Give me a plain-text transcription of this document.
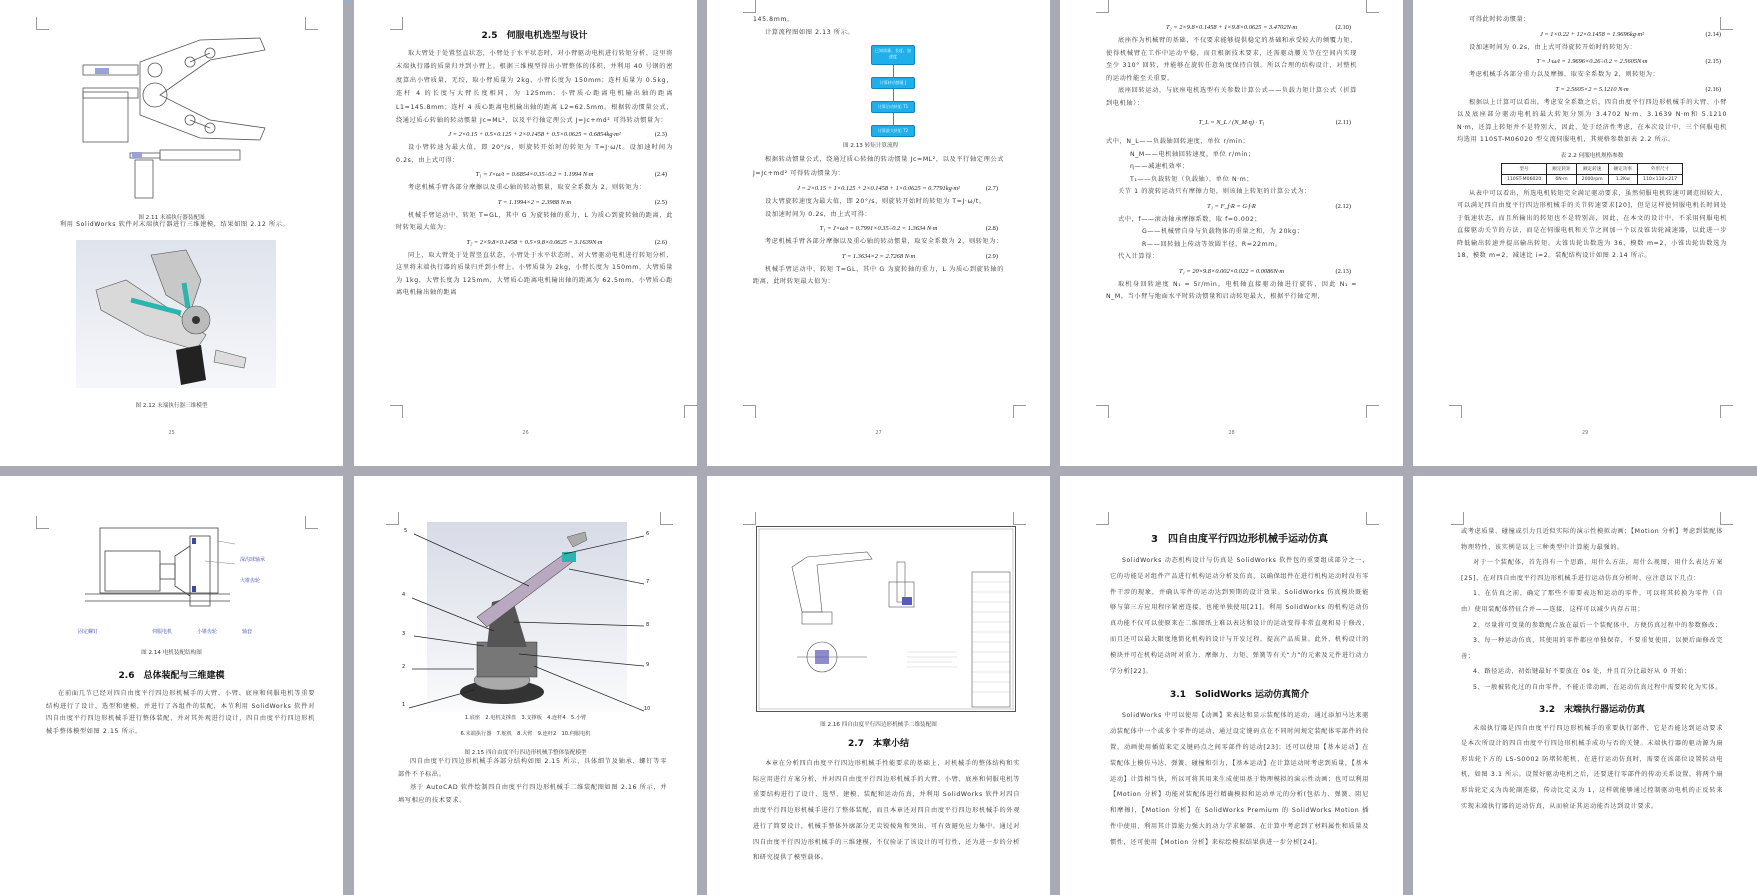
图 2.11 末端执行器装配图

利用 SolidWorks 软件对末端执行器进行三维建模，结果如图 2.12 所示。

图 2.12 末端执行器三维模型
25
2.5　伺服电机选型与设计

取大臂处于处置竖直状态，小臂处于水平状态时，对小臂驱动电机进行转矩分析，这里将末端执行器的质量归并到小臂上。根据三维模型得出小臂整体的体积，并利用 40 号钢的密度算出小臂质量，无绞，取小臂质量为 2kg，小臂长度为 150mm；连杆质量为 0.5kg，连杆 4 的长度与大臂长度相同，为 125mm；小臂质心距离电机输出轴的距离 L1=145.8mm；连杆 4 质心距离电机输出轴的距离 L2=62.5mm。根据转动惯量公式，绕通过质心转轴的转动惯量 Jc=ML²，以及平行轴定理公式 J=Jc+md² 可得转动惯量为：

J = 2×0.15 + 0.5×0.125 + 2×0.1458 + 0.5×0.0625 = 0.6854kg·m²	(2.3)

设小臂转速为最大值，即 20°/s，则旋转开始时的转矩为 T=J·ω/t。设加速时间为 0.2s，由上式可得：

T₁ = J×ω/t = 0.6854×0.35÷0.2 = 1.1994 N·m	(2.4)

考虑机械手臂各部分摩擦以及重心轴的转动惯量，取安全系数为 2，则转矩为：

T = 1.1994×2 = 2.3988 N·m	(2.5)

机械手臂运动中，转矩 T=GL，其中 G 为旋转轴的重力，L 为质心到旋转轴的距离，此时转矩最大值为：

T₂ = 2×9.8×0.1458 + 0.5×9.8×0.0625 = 3.1639N·m	(2.6)

同上，取大臂处于处置竖直状态，小臂处于水平状态时，对大臂驱动电机进行转矩分析，这里将末端执行器的质量归并到小臂上。小臂质量为 2kg，小臂长度为 150mm，大臂质量为 1kg，大臂长度为 125mm，大臂质心距离电机输出轴的距离为 62.5mm，小臂质心距离电机输出轴的距离

26

145.8mm。

计算流程图如图 2.13 所示。

已知质量、长度、加速度
计算转动惯量 J
计算启动转矩 T1
计算最大转矩 T2
图 2.13 转矩计算流程

根据转动惯量公式，绕通过质心转轴的转动惯量 Jc=ML²，以及平行轴定理公式 J=Jc+md² 可得转动惯量为：

J = 2×0.15 + 1×0.125 + 2×0.1458 + 1×0.0625 = 0.7791kg·m²	(2.7)

设大臂旋转速度为最大值，即 20°/s，则旋转开始时的转矩为 T=J·ω/t。

设加速时间为 0.2s，由上式可得：

T₁ = J×ω/t = 0.7991×0.35÷0.2 = 1.3634 N·m	(2.8)

考虑机械手臂各部分摩擦以及重心轴的转动惯量，取安全系数为 2，则转矩为：

T = 1.3634×2 = 2.7268 N·m	(2.9)

机械手臂运动中，转矩 T=GL，其中 G 为旋转轴的重力，L 为质心到旋转轴的距离，此时转矩最大值为：

27
T₂ = 2×9.8×0.1458 + 1×9.8×0.0625 = 3.4702N·m	(2.10)

底座作为机械臂的基础，不仅要求能够提供稳定的基础和承受较大的倾覆力矩，使得机械臂在工作中运动平稳，而且根据技术要求，还需驱动腰关节在空间内实现至少 310° 回转，并能够在旋转任意角度保持自锁。所以合理的结构设计，对整机的运动性能至关重要。

底座回转运动，与底座电机选型有关参数计算公式——负载力矩计算公式（折算到电机轴）：

T_L = N_L / (N_M·η) · T₁	(2.11)

式中，N_L——负载轴回转速度，单位 r/min；

N_M——电机轴回转速度，单位 r/min；

η——减速机效率；

T₁——负载转矩（负载轴），单位 N·m；

关节 1 的旋转运动只有摩擦力矩，则该轴上转矩的计算公式为：

T₁ = F_f·R = G·f·R	(2.12)

式中，f——滚动轴承摩擦系数，取 f=0.002；

G——机械臂自身与负载物体的重量之和，为 20kg；

R——回转轴上传动等效圆半径，R=22mm。

代入计算得：

T₁ = 20×9.8×0.002×0.022 = 0.0086N·m	(2.13)

取机身回转速度 N₁ = 5r/min，电机轴直接驱动轴进行旋转，因此 N₁ = N_M，当小臂与地面水平时转动惯量和启动转矩最大，根据平行轴定理，

28

可得此时转动惯量：

J = 1×0.22 + 12×0.1458 = 1.9696kg·m²	(2.14)

设加速时间为 0.2s，由上式可得旋转开始时的转矩为：

T = J·ω/t = 1.9696×0.26÷0.2 = 2.5605N·m	(2.15)

考虑机械手各部分重力以及摩擦，取安全系数为 2，则转矩为：

T = 2.5605×2 = 5.1210 N·m	(2.16)

根据以上计算可以看出，考虑安全系数之后，四自由度平行四边形机械手的大臂、小臂以及底座部分驱动电机的最大转矩分别为 3.4702 N·m、3.1639 N·m和 5.1210 N·m，还算上转矩并不是特别大，因此，处于经济性考虑，在本次设计中，三个伺服电机均选用 110ST-M06020 型交流伺服电机，其规格参数如表 2.2 所示。

表 2.2 伺服电机规格参数
型号	额定转矩	额定转速	额定功率	外形尺寸
110ST-M06020	6N·m	2000rpm	1.2Kw	110×110×217

从表中可以看出，所选电机转矩完全满足驱动要求，虽然伺服电机转速可调范围较大，可以满足四自由度平行四边形机械手的关节转速要求[20]，但是这样使伺服电机长时间处于低速状态，而且所输出的转矩也不是特别高，因此，在本文的设计中，不采用伺服电机直接驱动关节的方法，而是在伺服电机和关节之间加一个以及锥齿轮减速器，以此进一步降低输出转速并提高输出转矩。大锥齿轮齿数选为 36，模数 m=2，小锥齿轮齿数选为 18，模数 m=2，减速比 i=2。装配结构设计如图 2.14 所示。

29
深沟球轴承
大锥齿轮
固定螺钉	伺服电机	小锥齿轮	轴套
图 2.14 电机装配结构图
2.6　总体装配与三维建模

在前面几节已经对四自由度平行四边形机械手的大臂、小臂、底座和伺服电机等重要结构进行了设计、选型和建模，并进行了各组件的装配，本节利用 SolidWorks 软件对四自由度平行四边形机械手进行整体装配，并对其外观进行设计，四自由度平行四边形机械手整体模型如图 2.15 所示。

5	6
7
4
8
3
2	9
1
10
1.底座　2.电机支撑盘　3.支撑板　4.连杆4　5.小臂
6.末端执行器　7.舵机　8.大臂　9.连杆2　10.伺服电机
图 2.15 四自由度平行四边形机械手整体装配模型

四自由度平行四边形机械手各部分结构如图 2.15 所示，具体细节及轴承、螺钉等零部件不予标出。

基于 AutoCAD 软件绘制四自由度平行四边形机械手二维装配图如图 2.16 所示，并填写相应的技术要求。

图 2.16 四自由度平行四边形机械手二维装配图
2.7　本章小结

本章在分析四自由度平行四边形机械手性能要求的基础上，对机械手的整体结构和实际应用进行方案分析，并对四自由度平行四边形机械手的大臂、小臂、底座和伺服电机等重要结构进行了设计、选型、建模、装配和运动仿真，并利用 SolidWorks 软件对四自由度平行四边形机械手进行了整体装配，而且本章还对四自由度平行四边形机械手的外观进行了简要设计，机械手整体外廓部分无尖锐棱角和突出，可有效避免应力集中。通过对四自由度平行四边形机械手的三维建模，不仅验证了该设计的可行性，还为进一步的分析和研究提供了模型载体。

3　四自由度平行四边形机械手运动仿真

SolidWorks 动态机构设计与仿真是 SolidWorks 软件包的重要组成部分之一，它的功能是对组件产品进行机构运动分析及仿真，以确保组件在进行机构运动时没有零件干涉的现象，并确认零件的运动达到预期的设计效果。SolidWorks 仿真模块既能够与第三方应用程序紧密连接，也能单独使用[21]。利用 SolidWorks 的机构运动仿真功能不仅可以使原来在二维图纸上难以表达和设计的运动变得非常直观和易于修改，而且还可以最大限度地简化机构的设计与开发过程，提高产品质量。此外，机构设计的模块并可在机构运动时对重力、摩擦力、力矩、弹簧等有关“力”的元素及元件进行动力学分析[22]。

3.1　SolidWorks 运动仿真简介

SolidWorks 中可以使用【动画】来表达和显示装配体的运动，通过添加马达来驱动装配体中一个或多个零件的运动，通过设定键码点在不同时间规定装配体零部件的位置，动画使用插值来定义键码点之间零部件的运动[23]；还可以使用【基本运动】在装配体上模仿马达、弹簧、碰撞和引力，【基本运动】在计算运动时考虑到质量，【基本运动】计算相当快，所以可将其用来生成使用基于物理模拟的演示性动画；也可以利用【Motion 分析】功能对装配体进行精确模拟和运动单元的分析(包括力、弹簧、阻尼和摩擦)，【Motion 分析】在 SolidWorks Premium 的 SolidWorks Motion 插件中使用，利用其计算能力强大的动力学求解器，在计算中考虑到了材料属性和质量及惯性，还可使用【Motion 分析】来标绘模拟结果供进一步分析[24]。

或考虑质量、碰撞或引力且近似实际的演示性模拟动画；【Motion 分析】考虑到装配体物理特性，该实例是以上三种类型中计算能力最强的。

对于一个装配体，首先得有一个思路，用什么方法，用什么视图，用什么表达方案[25]，在对四自由度平行四边形机械手进行运动仿真分析时，应注意以下几点：

1、在仿真之前，确定了那些不需要表达和运动的零件，可以将其转换为零件（自由）使用装配体特征合并——连接，这样可以减少内存占用；

2、尽量将可变量的参数配合放在最后一个装配体中，方便仿真过程中的参数修改；

3、每一种运动仿真，其使用的零件都应单独保存，不要重复使用，以便后面修改完善；

4、路径运动，初始键最好不要放在 0s 处，并且百分比最好从 0 开始；

5、一般被转化过的自由零件，不能正常动画，在运动仿真过程中需要转化为实体。

3.2　末端执行器运动仿真

末端执行器是四自由度平行四边形机械手的重要执行部件，它是否能达到运动要求是本次所设计的四自由度平行四边形机械手成功与否的关键。末端执行器的驱动源为扇形齿轮下方的 LS-S0002 防堵转舵机，在进行运动仿真时，需要在该部位设置转动电机，如图 3.1 所示。设置好驱动电机之后，还要进行零部件的传动关系设置，将两个扇形齿轮定义为齿轮副连接，传动比定义为 1，这样就能够通过控制驱动电机的正反转来实现末端执行器的运动仿真，从而验证其运动能否达到设计要求。
